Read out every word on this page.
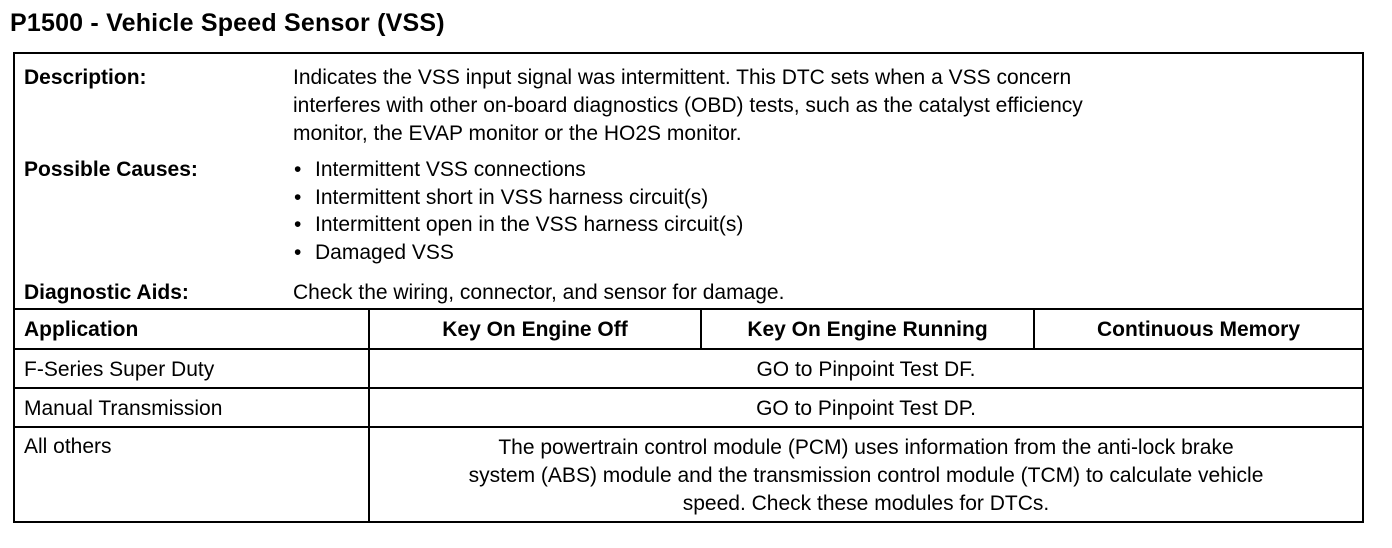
P1500 - Vehicle Speed Sensor (VSS)
Description:	Indicates the VSS input signal was intermittent. This DTC sets when a VSS concern
interferes with other on-board diagnostics (OBD) tests, such as the catalyst efficiency
monitor, the EVAP monitor or the HO2S monitor.
Possible Causes:
•	Intermittent VSS connections
• Intermittent short in VSS harness circuit(s)
• Intermittent open in the VSS harness circuit(s)
• Damaged VSS
Diagnostic Aids:	Check the wiring, connector, and sensor for damage.
Application	Key On Engine Off	Key On Engine Running	Continuous Memory
F-Series Super Duty	GO to Pinpoint Test DF.
Manual Transmission	GO to Pinpoint Test DP.
All others	The powertrain control module (PCM) uses information from the anti-lock brake
system (ABS) module and the transmission control module (TCM) to calculate vehicle
speed. Check these modules for DTCs.
